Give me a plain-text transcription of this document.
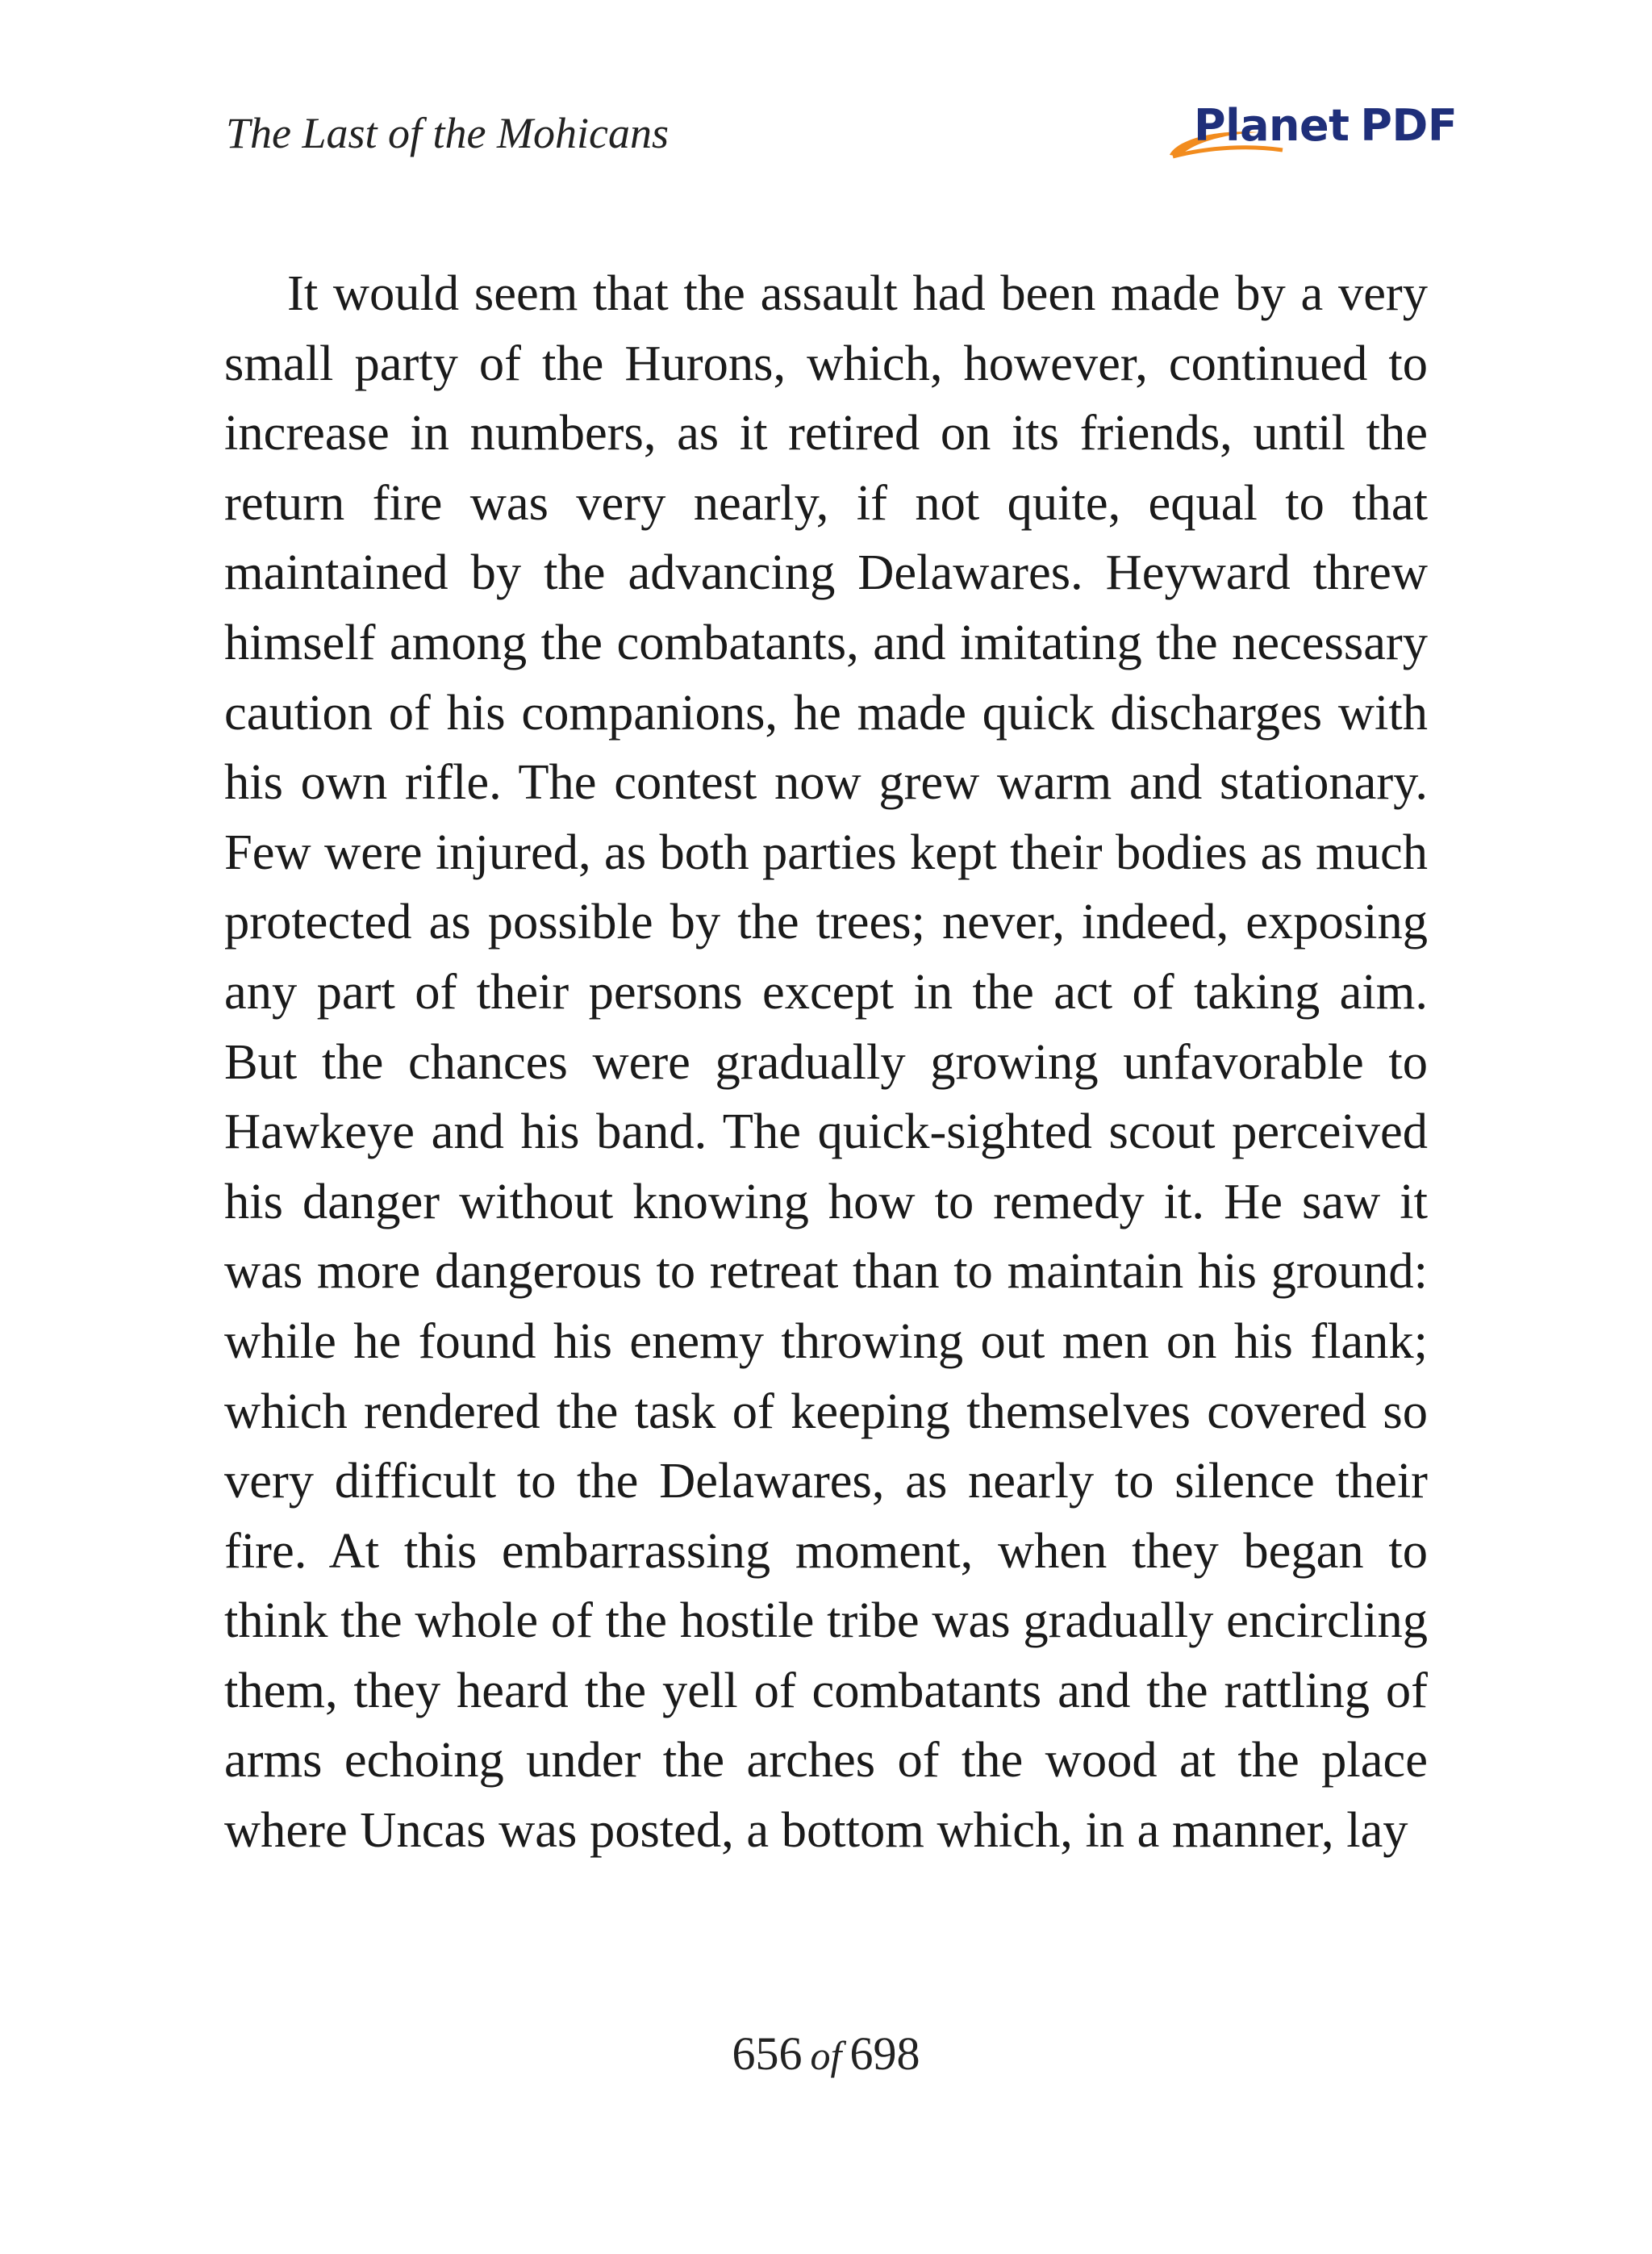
The Last of the Mohicans	Planet PDF

It would seem that the assault had been made by a very small party of the Hurons, which, however, continued to increase in numbers, as it retired on its friends, until the return fire was very nearly, if not quite, equal to that maintained by the advancing Delawares. Heyward threw himself among the combatants, and imitating the necessary caution of his companions, he made quick discharges with his own rifle. The contest now grew warm and stationary. Few were injured, as both parties kept their bodies as much protected as possible by the trees; never, indeed, exposing any part of their persons except in the act of taking aim. But the chances were gradually growing unfavorable to Hawkeye and his band. The quick-sighted scout perceived his danger without knowing how to remedy it. He saw it was more dangerous to retreat than to maintain his ground: while he found his enemy throwing out men on his flank; which rendered the task of keeping themselves covered so very difficult to the Delawares, as nearly to silence their fire. At this embarrassing moment, when they began to think the whole of the hostile tribe was gradually encircling them, they heard the yell of combatants and the rattling of arms echoing under the arches of the wood at the place where Uncas was posted, a bottom which, in a manner, lay

656 of 698
